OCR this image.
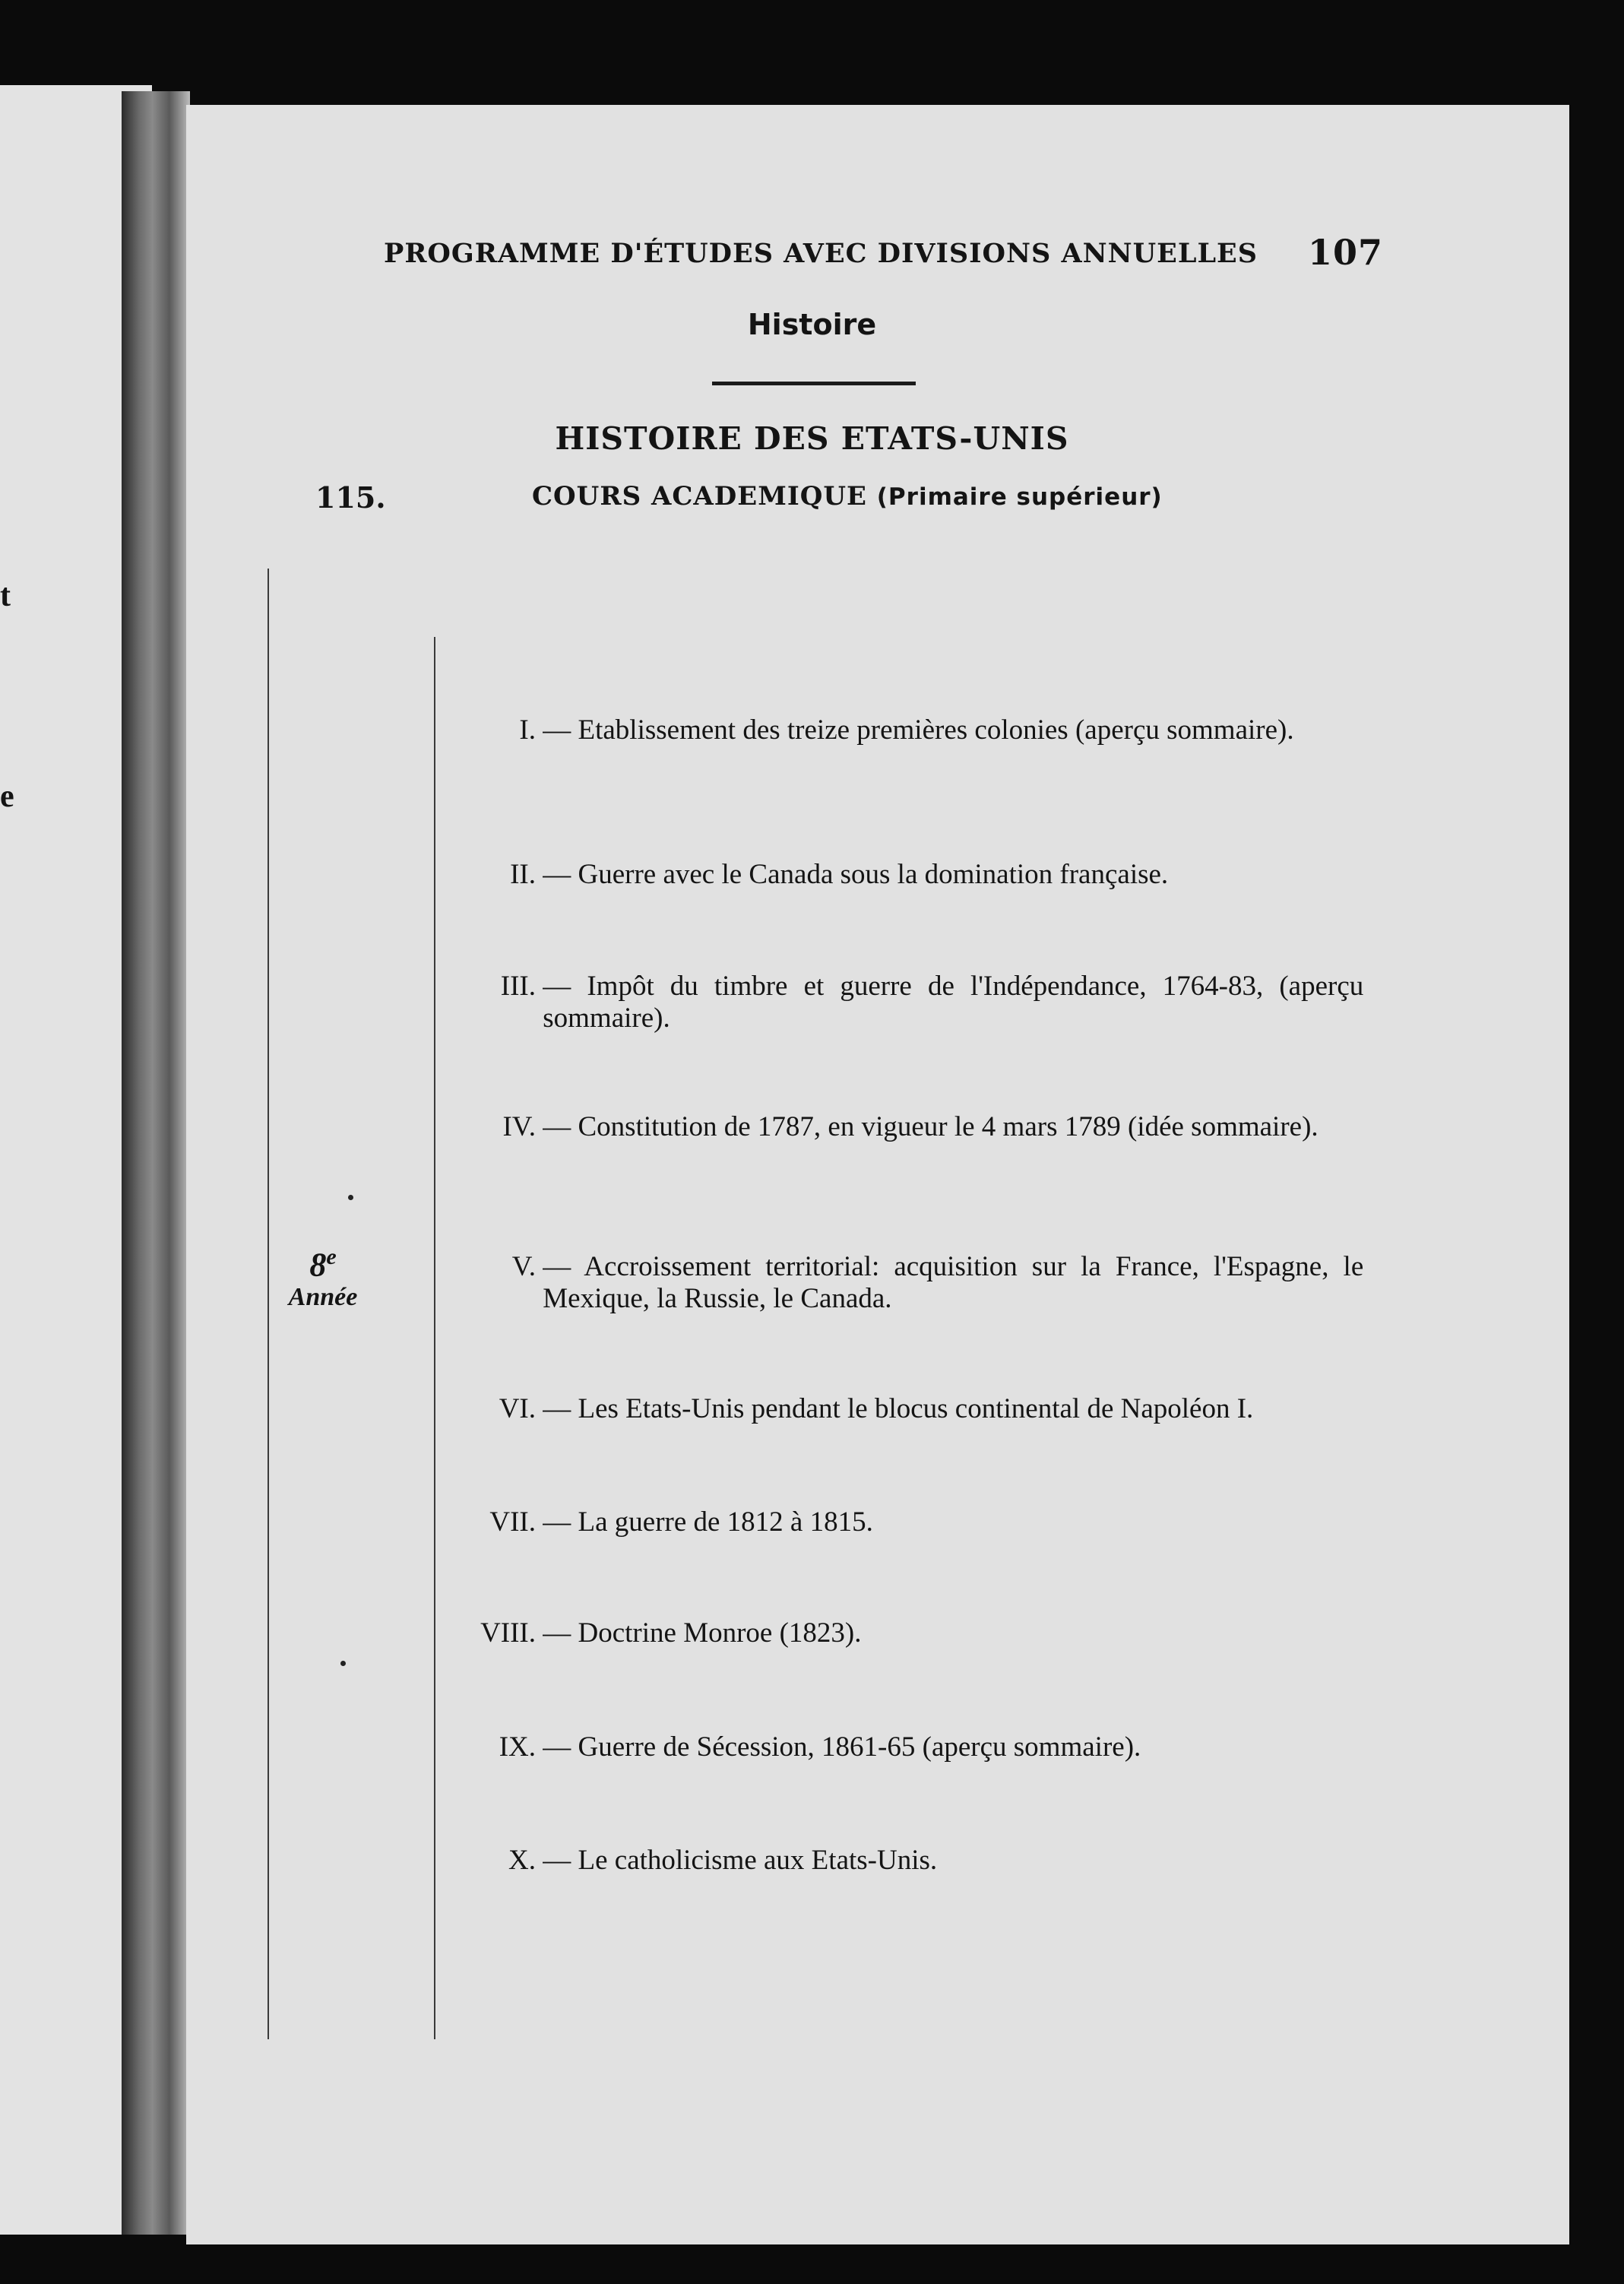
t
e
PROGRAMME D'ÉTUDES AVEC DIVISIONS ANNUELLES 107
Histoire
HISTOIRE DES ETATS-UNIS
115.	COURS ACADEMIQUE (Primaire supérieur)
8e
Année
I. — Etablissement des treize premières colonies (aperçu sommaire).
II. — Guerre avec le Canada sous la domination française.
III. — Impôt du timbre et guerre de l'Indépendance, 1764-83, (aperçu sommaire).
IV. — Constitution de 1787, en vigueur le 4 mars 1789 (idée sommaire).
V. — Accroissement territorial: acquisition sur la France, l'Espagne, le Mexique, la Russie, le Canada.
VI. — Les Etats-Unis pendant le blocus continental de Napoléon I.
VII. — La guerre de 1812 à 1815.
VIII. — Doctrine Monroe (1823).
IX. — Guerre de Sécession, 1861-65 (aperçu sommaire).
X. — Le catholicisme aux Etats-Unis.
